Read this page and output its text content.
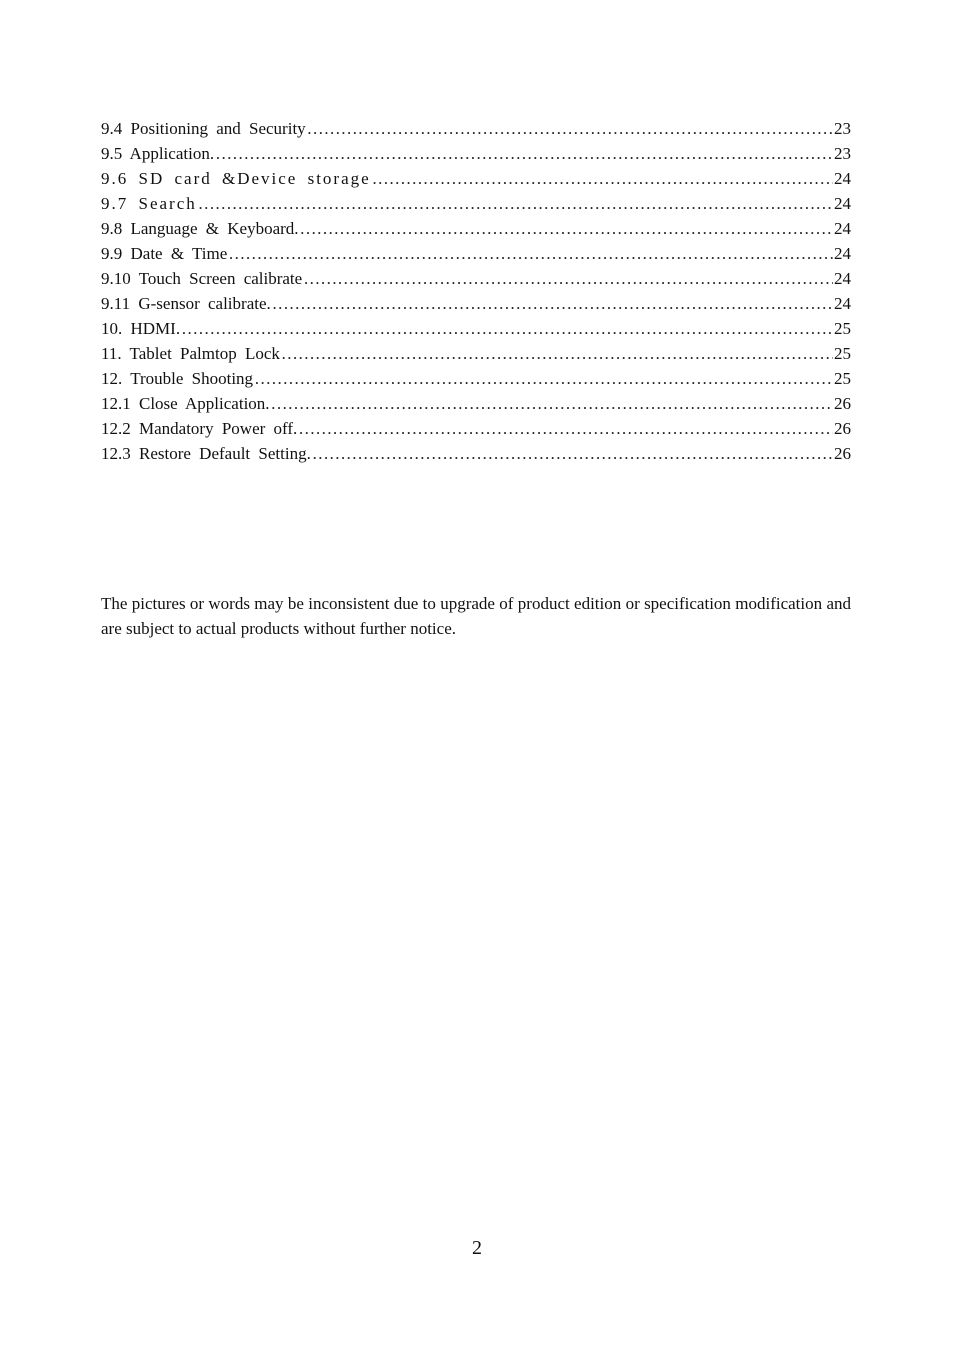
9.4 Positioning and Security ……………………………………………………………………………………………………………………………………………………………………	23
9.5 Application. ……………………………………………………………………………………………………………………………………………………………………	23
9.6 SD card &Device storage ……………………………………………………………………………………………………………………………………………………………………	24
9.7 Search ……………………………………………………………………………………………………………………………………………………………………	24
9.8 Language & Keyboard. ……………………………………………………………………………………………………………………………………………………………………	24
9.9 Date & Time ……………………………………………………………………………………………………………………………………………………………………	24
9.10 Touch Screen calibrate ……………………………………………………………………………………………………………………………………………………………………	24
9.11 G-sensor calibrate. ……………………………………………………………………………………………………………………………………………………………………	24
10. HDMI. ……………………………………………………………………………………………………………………………………………………………………	25
11. Tablet Palmtop Lock ……………………………………………………………………………………………………………………………………………………………………	25
12. Trouble Shooting ……………………………………………………………………………………………………………………………………………………………………	25
12.1 Close Application. ……………………………………………………………………………………………………………………………………………………………………	26
12.2 Mandatory Power off. ……………………………………………………………………………………………………………………………………………………………………	26
12.3 Restore Default Setting. ……………………………………………………………………………………………………………………………………………………………………	26

The pictures or words may be inconsistent due to upgrade of product edition or specification modification and are subject to actual products without further notice.

2
